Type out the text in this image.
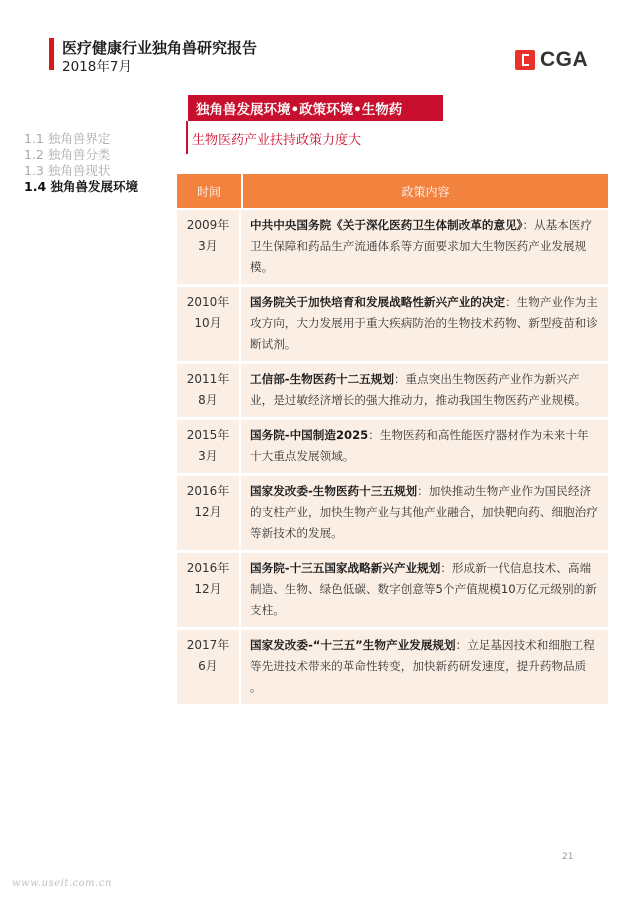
医疗健康行业独角兽研究报告
2018年7月	CGA
1.1 独角兽界定
1.2 独角兽分类
1.3 独角兽现状
1.4 独角兽发展环境
独角兽发展环境•政策环境•生物药
生物医药产业扶持政策力度大
时间	政策内容
2009年
3月
中共中央国务院《关于深化医药卫生体制改革的意见》：从基本医疗卫生保障和药品生产流通体系等方面要求加大生物医药产业发展规模。
2010年
10月
国务院关于加快培育和发展战略性新兴产业的决定：生物产业作为主攻方向，大力发展用于重大疾病防治的生物技术药物、新型疫苗和诊断试剂。
2011年
8月
工信部-生物医药十二五规划：重点突出生物医药产业作为新兴产业，是过敏经济增长的强大推动力，推动我国生物医药产业规模。
2015年
3月
国务院-中国制造2025：生物医药和高性能医疗器材作为未来十年十大重点发展领域。
2016年
12月
国家发改委-生物医药十三五规划：加快推动生物产业作为国民经济的支柱产业，加快生物产业与其他产业融合，加快靶向药、细胞治疗等新技术的发展。
2016年
12月
国务院-十三五国家战略新兴产业规划：形成新一代信息技术、高端制造、生物、绿色低碳、数字创意等5个产值规模10万亿元级别的新支柱。
2017年
6月
国家发改委-“十三五”生物产业发展规划：立足基因技术和细胞工程等先进技术带来的革命性转变，加快新药研发速度，提升药物品质 。
21
www.useit.com.cn
